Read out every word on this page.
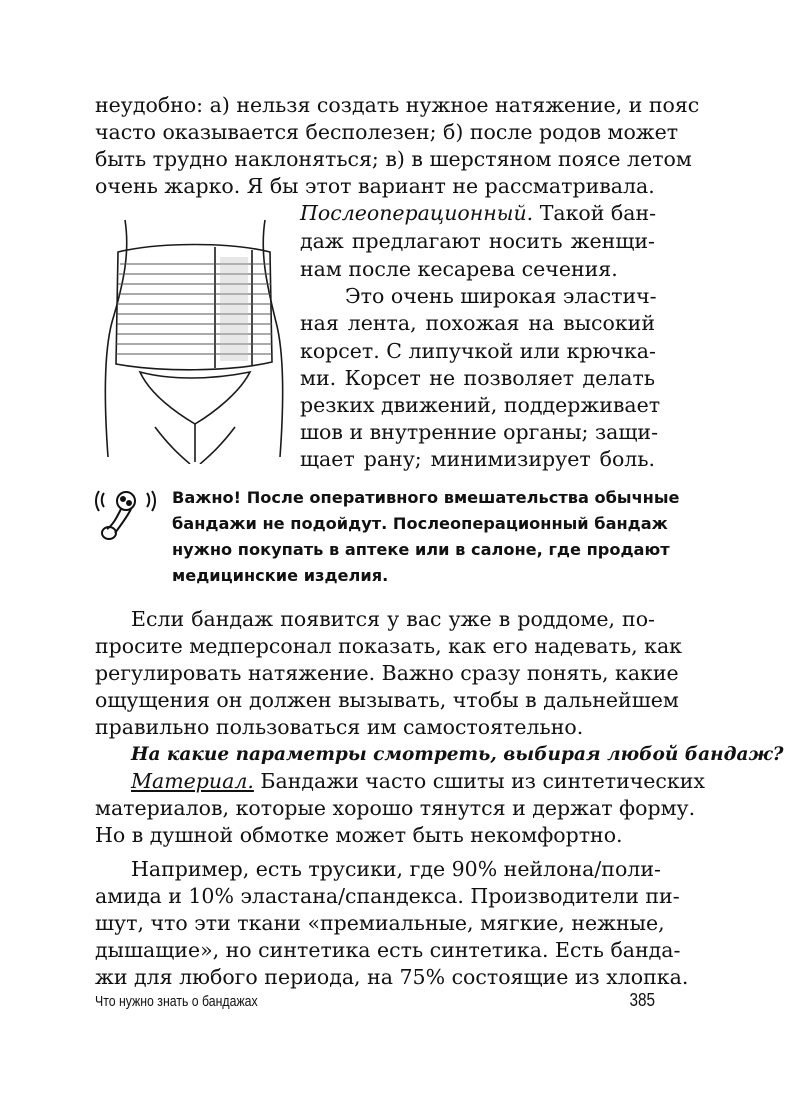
неудобно: а) нельзя создать нужное натяжение, и пояс
часто оказывается бесполезен; б) после родов может
быть трудно наклоняться; в) в шерстяном поясе летом
очень жарко. Я бы этот вариант не рассматривала.
Послеоперационный. Такой бан-
даж предлагают носить женщи-
нам после кесарева сечения.
Это очень широкая эластич-
ная лента, похожая на высокий
корсет. С липучкой или крючка-
ми. Корсет не позволяет делать
резких движений, поддерживает
шов и внутренние органы; защи-
щает рану; минимизирует боль.
Важно! После оперативного вмешательства обычные
бандажи не подойдут. Послеоперационный бандаж
нужно покупать в аптеке или в салоне, где продают
медицинские изделия.
Если бандаж появится у вас уже в роддоме, по-
просите медперсонал показать, как его надевать, как
регулировать натяжение. Важно сразу понять, какие
ощущения он должен вызывать, чтобы в дальнейшем
правильно пользоваться им самостоятельно.
На какие параметры смотреть, выбирая любой бандаж?
Материал. Бандажи часто сшиты из синтетических
материалов, которые хорошо тянутся и держат форму.
Но в душной обмотке может быть некомфортно.
Например, есть трусики, где 90% нейлона/поли-
амида и 10% эластана/спандекса. Производители пи-
шут, что эти ткани «премиальные, мягкие, нежные,
дышащие», но синтетика есть синтетика. Есть банда-
жи для любого периода, на 75% состоящие из хлопка.
Что нужно знать о бандажах	385
